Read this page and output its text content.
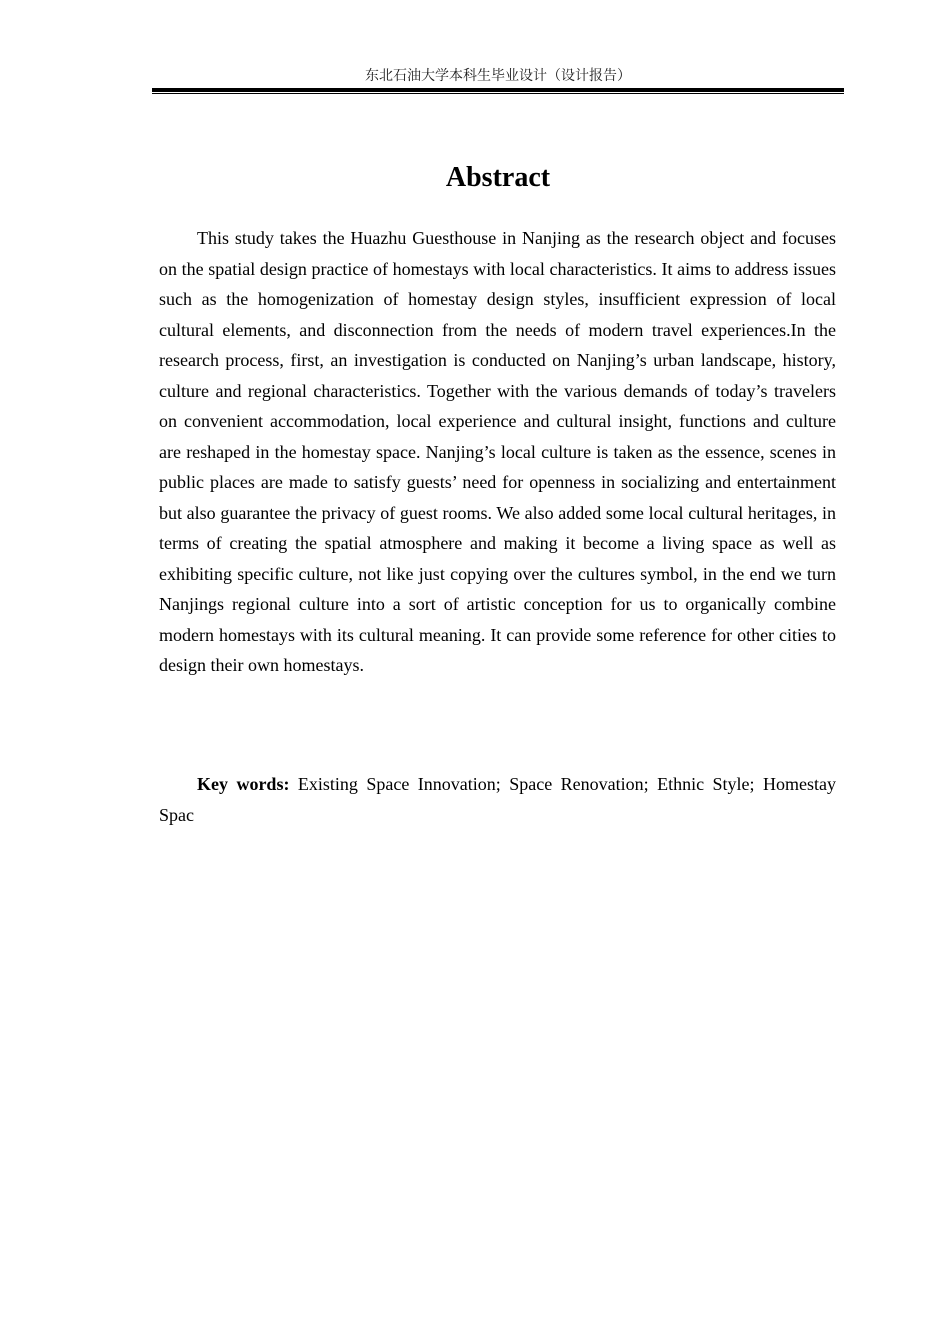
东北石油大学本科生毕业设计（设计报告）
Abstract

This study takes the Huazhu Guesthouse in Nanjing as the research object and focuses on the spatial design practice of homestays with local characteristics. It aims to address issues such as the homogenization of homestay design styles, insufficient expression of local cultural elements, and disconnection from the needs of modern travel experiences.In the research process, first, an investigation is conducted on Nanjing’s urban landscape, history, culture and regional characteristics. Together with the various demands of today’s travelers on convenient accommodation, local experience and cultural insight, functions and culture are reshaped in the homestay space. Nanjing’s local culture is taken as the essence, scenes in public places are made to satisfy guests’ need for openness in socializing and entertainment but also guarantee the privacy of guest rooms. We also added some local cultural heritages, in terms of creating the spatial atmosphere and making it become a living space as well as exhibiting specific culture, not like just copying over the cultures symbol, in the end we turn Nanjings regional culture into a sort of artistic conception for us to organically combine modern homestays with its cultural meaning. It can provide some reference for other cities to design their own homestays.

Key words: Existing Space Innovation; Space Renovation; Ethnic Style; Homestay Spac
